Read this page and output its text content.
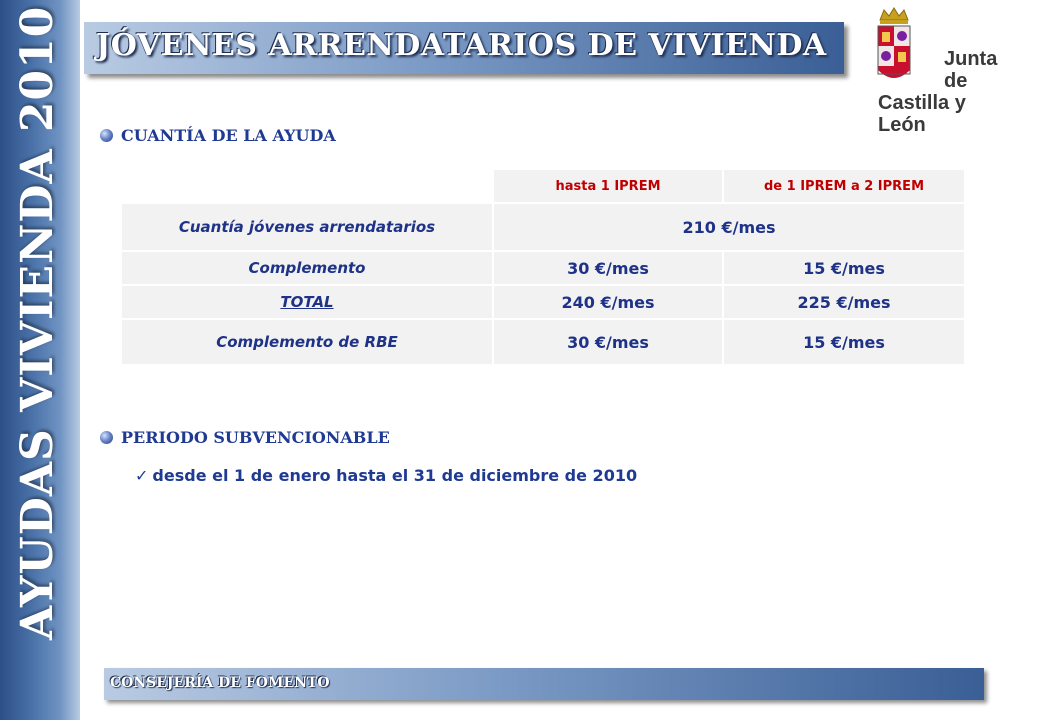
AYUDAS VIVIENDA 2010 JÓVENES ARRENDATARIOS DE VIVIENDA	Junta de
Castilla y León
CUANTÍA DE LA AYUDA
	hasta 1 IPREM	de 1 IPREM a 2 IPREM
Cuantía jóvenes arrendatarios	210 €/mes	
Complemento	30 €/mes	15 €/mes
TOTAL	240 €/mes	225 €/mes
Complemento de RBE	30 €/mes	15 €/mes
PERIODO SUBVENCIONABLE
✓ desde el 1 de enero hasta el 31 de diciembre de 2010
CONSEJERÍA DE FOMENTO
